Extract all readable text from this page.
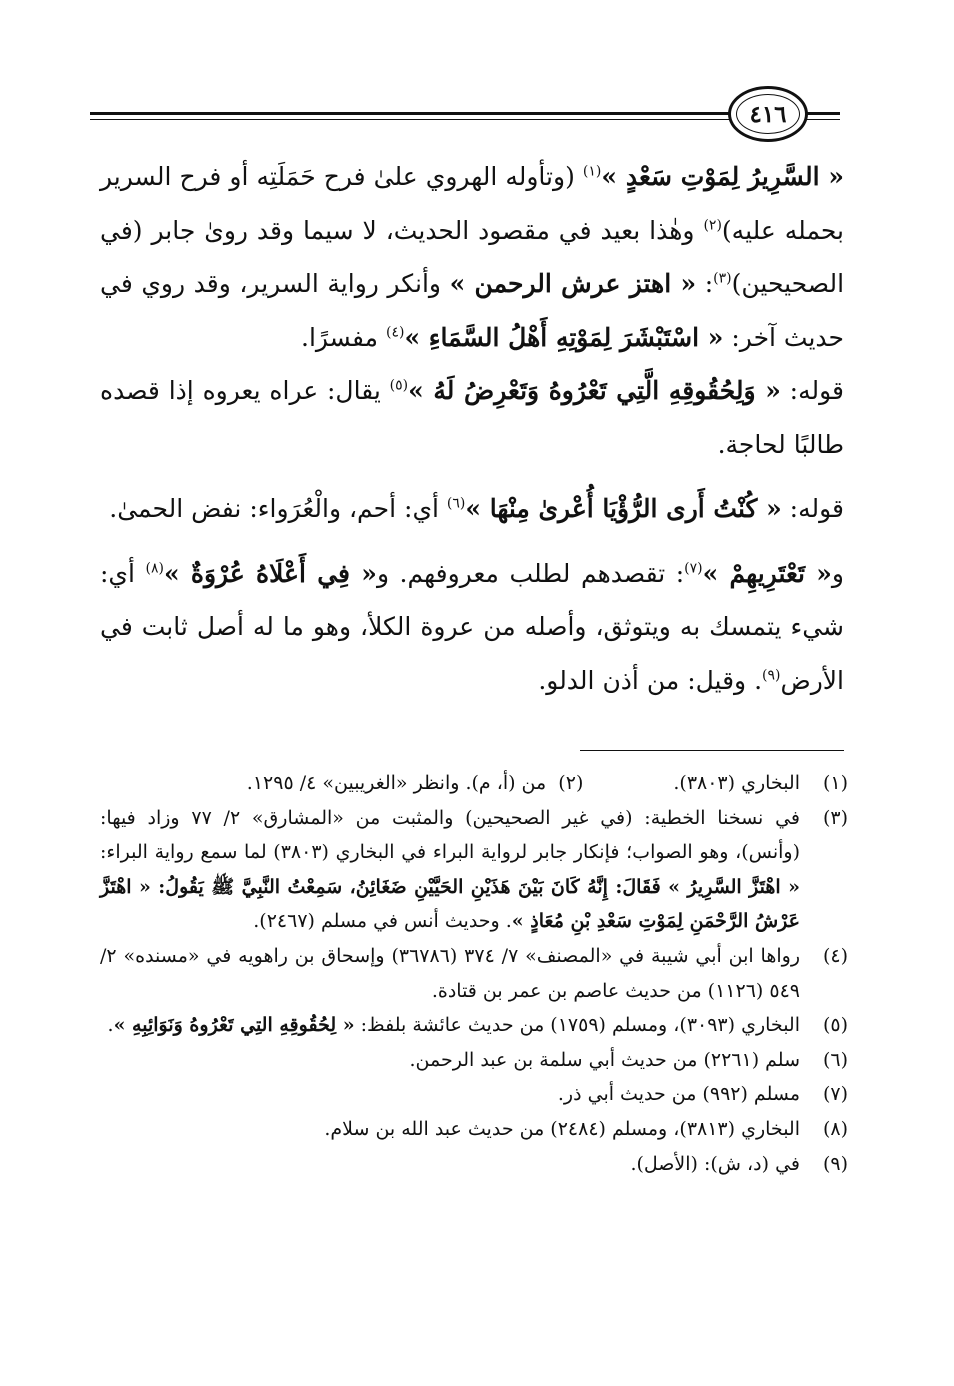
٤١٦

« السَّرِيرُ لِمَوْتِ سَعْدٍ »$^{(١)}$ (وتأوله الهروي علىٰ فرح حَمَلَتِه أو فرح السرير بحمله عليه)$^{(٢)}$ وهٰذا بعيد في مقصود الحديث، لا سيما وقد روىٰ جابر (في الصحيحين)$^{(٣)}$: « اهتز عرش الرحمن » وأنكر رواية السرير، وقد روي في حديث آخر: « اسْتَبْشَرَ لِمَوْتِهِ أَهْلُ السَّمَاءِ »$^{(٤)}$ مفسرًا.

قوله: « وَلِحُقُوقِهِ الَّتِي تَعْرُوهُ وَتَعْرِضُ لَهُ »$^{(٥)}$ يقال: عراه يعروه إذا قصده طالبًا لحاجة.

قوله: « كُنْتُ أَرى الرُّؤْيَا أُعْرىٰ مِنْهَا »$^{(٦)}$ أي: أحم، والْعُرَواء: نفض الحمىٰ.

و« تَعْتَرِيهِمْ »$^{(٧)}$: تقصدهم لطلب معروفهم. و« فِي أَعْلَاهُ عُرْوَةٌ »$^{(٨)}$ أي: شيء يتمسك به ويتوثق، وأصله من عروة الكلأ، وهو ما له أصل ثابت في الأرض$^{(٩)}$. وقيل: من أذن الدلو.

(١)
البخاري (٣٨٠٣).(٢)  من (أ، م). وانظر «الغريبين» ٤/ ١٢٩٥.
(٣)
في نسخنا الخطية: (في غير الصحيحين) والمثبت من «المشارق» ٢/ ٧٧ وزاد فيها: (وأنس)، وهو الصواب؛ فإنكار جابر لرواية البراء في البخاري (٣٨٠٣) لما سمع رواية البراء: « اهْتَزَّ السَّرِيرُ » فَقَالَ: إِنَّهُ كَانَ بَيْنَ هَذَيْنِ الحَيَّيْنِ ضَغَائِنُ، سَمِعْتُ النَّبِيَّ ﷺ يَقُولُ: « اهْتَزَّ عَرْشُ الرَّحْمَنِ لِمَوْتِ سَعْدِ بْنِ مُعَاذٍ ». وحديث أنس في مسلم (٢٤٦٧).
(٤)
رواها ابن أبي شيبة في «المصنف» ٧/ ٣٧٤ (٣٦٧٨٦) وإسحاق بن راهويه في «مسنده» ٢/ ٥٤٩ (١١٢٦) من حديث عاصم بن عمر بن قتادة.
(٥)
البخاري (٣٠٩٣)، ومسلم (١٧٥٩) من حديث عائشة بلفظ: « لِحُقُوقِهِ التِي تَعْرُوهُ وَنَوَائِبِهِ ».
(٦)
سلم (٢٢٦١) من حديث أبي سلمة بن عبد الرحمن.
(٧)
مسلم (٩٩٢) من حديث أبي ذر.
(٨)
البخاري (٣٨١٣)، ومسلم (٢٤٨٤) من حديث عبد الله بن سلام.
(٩)
في (د، ش): (الأصل).
